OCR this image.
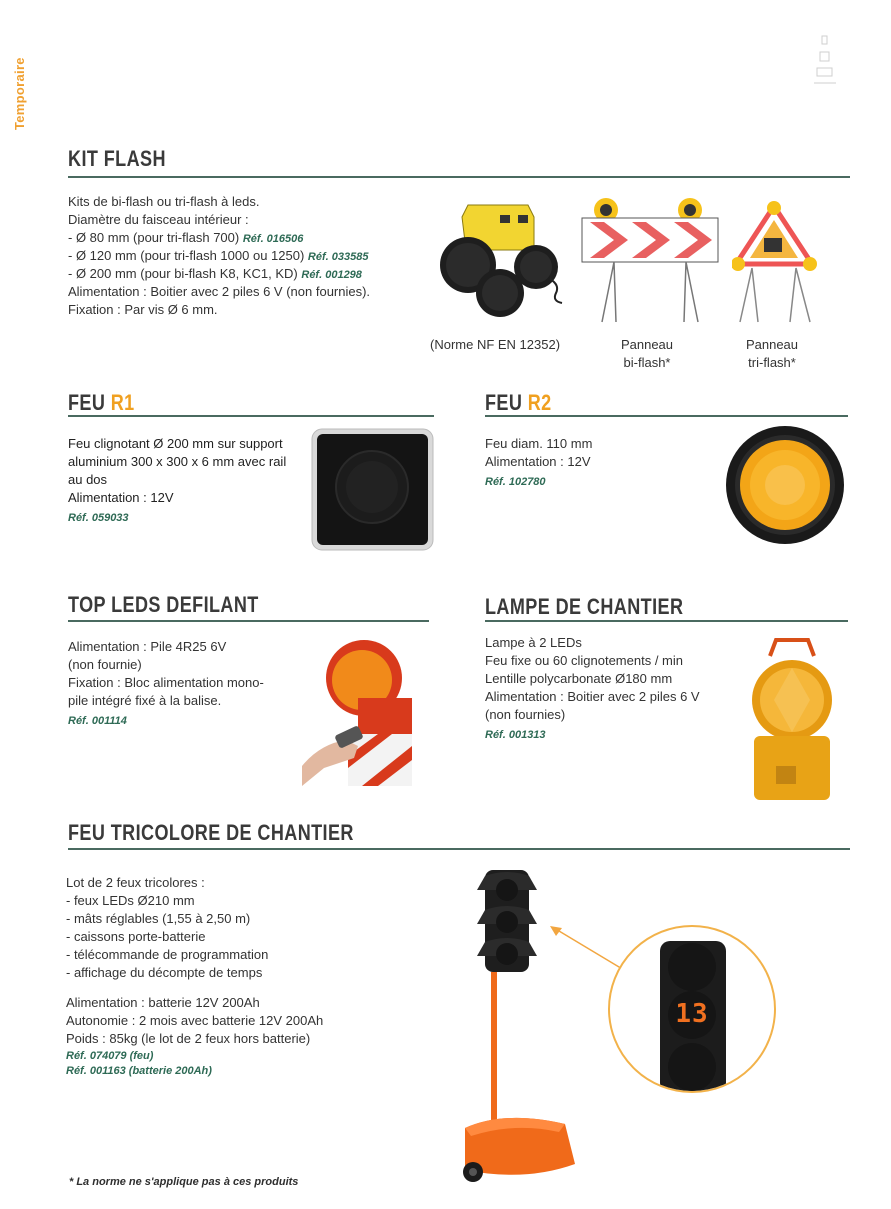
Temporaire
KIT FLASH
Kits de bi-flash ou tri-flash à leds.
Diamètre du faisceau intérieur :
- Ø 80 mm (pour tri-flash 700) Réf. 016506
- Ø 120 mm (pour tri-flash 1000 ou 1250) Réf. 033585
- Ø 200 mm (pour bi-flash K8, KC1, KD) Réf. 001298
Alimentation : Boitier avec 2 piles 6 V (non fournies).
Fixation : Par vis Ø 6 mm.
(Norme NF EN 12352)	Panneau
bi-flash*
Panneau
tri-flash*
FEU R1
Feu clignotant Ø 200 mm sur support
aluminium 300 x 300 x 6 mm avec rail
au dos
Alimentation : 12V
Réf. 059033
FEU R2
Feu diam. 110 mm
Alimentation : 12V
Réf. 102780
TOP LEDS DEFILANT
Alimentation : Pile 4R25 6V
(non fournie)
Fixation : Bloc alimentation mono-
pile intégré fixé à la balise.
Réf. 001114
LAMPE DE CHANTIER
Lampe à 2 LEDs
Feu fixe ou 60 clignotements / min
Lentille polycarbonate Ø180 mm
Alimentation : Boitier avec 2 piles 6 V
(non fournies)
Réf. 001313
FEU TRICOLORE DE CHANTIER
Lot de 2 feux tricolores :
- feux LEDs Ø210 mm
- mâts réglables (1,55 à 2,50 m)
- caissons porte-batterie
- télécommande de programmation
- affichage du décompte de temps
Alimentation : batterie 12V 200Ah
Autonomie : 2 mois avec batterie 12V 200Ah
Poids : 85kg (le lot de 2 feux hors batterie)
Réf. 074079 (feu)
Réf. 001163 (batterie 200Ah)
13
* La norme ne s'applique pas à ces produits
